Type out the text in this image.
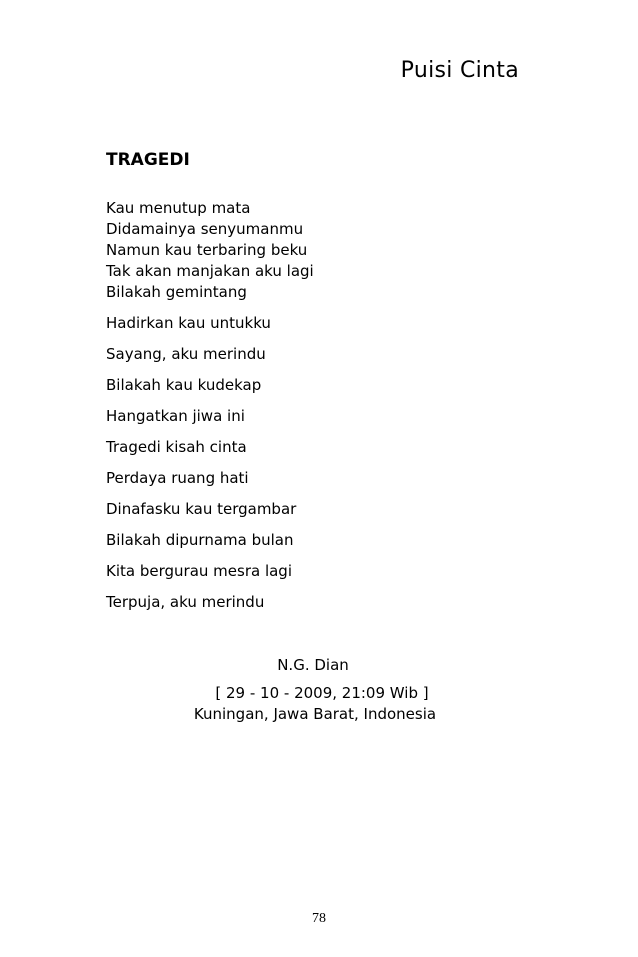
Puisi Cinta
TRAGEDI
Kau menutup mata
Didamainya senyumanmu
Namun kau terbaring beku
Tak akan manjakan aku lagi
Bilakah gemintang
Hadirkan kau untukku
Sayang, aku merindu
Bilakah kau kudekap
Hangatkan jiwa ini
Tragedi kisah cinta
Perdaya ruang hati
Dinafasku kau tergambar
Bilakah dipurnama bulan
Kita bergurau mesra lagi
Terpuja, aku merindu
N.G. Dian
[ 29 - 10 - 2009, 21:09 Wib ]
Kuningan, Jawa Barat, Indonesia
78
